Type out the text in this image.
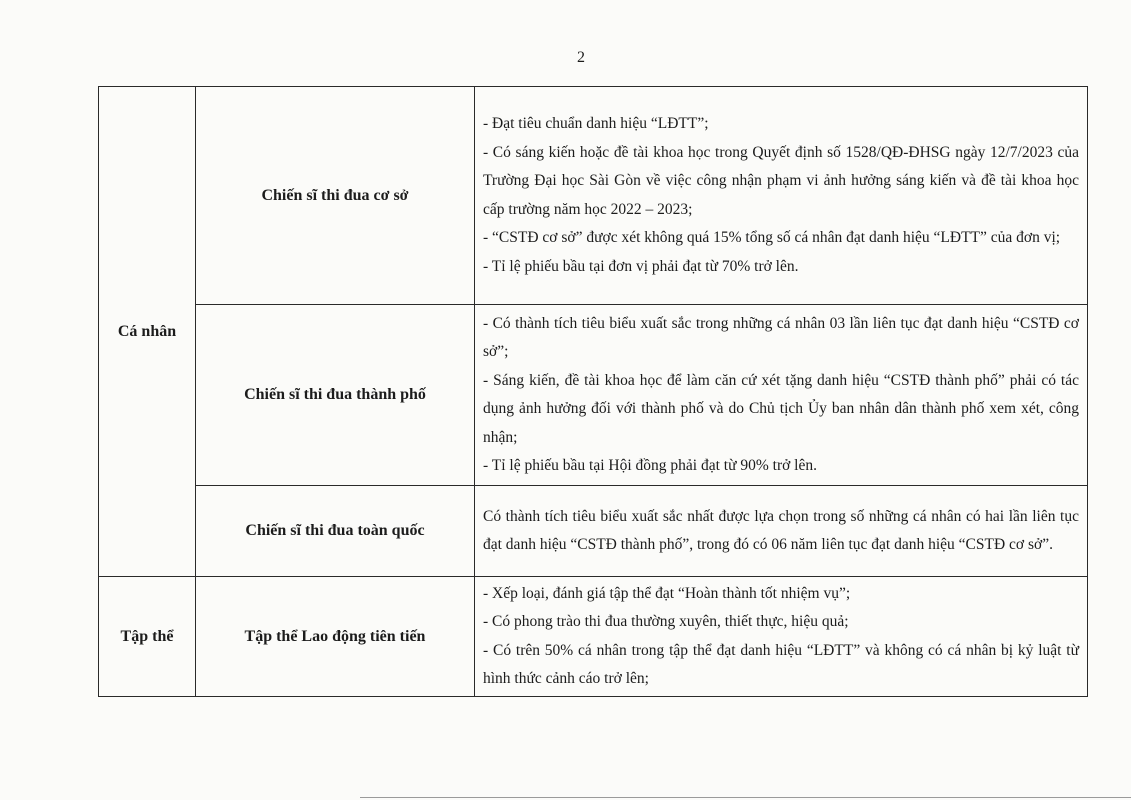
2
Cá nhân	Chiến sĩ thi đua cơ sở	- Đạt tiêu chuẩn danh hiệu “LĐTT”;
- Có sáng kiến hoặc đề tài khoa học trong Quyết định số 1528/QĐ-ĐHSG ngày 12/7/2023 của Trường Đại học Sài Gòn về việc công nhận phạm vi ảnh hưởng sáng kiến và đề tài khoa học cấp trường năm học 2022 – 2023;
- “CSTĐ cơ sở” được xét không quá 15% tổng số cá nhân đạt danh hiệu “LĐTT” của đơn vị;
- Tỉ lệ phiếu bầu tại đơn vị phải đạt từ 70% trở lên.

	Chiến sĩ thi đua thành phố	- Có thành tích tiêu biểu xuất sắc trong những cá nhân 03 lần liên tục đạt danh hiệu “CSTĐ cơ sở”;
- Sáng kiến, đề tài khoa học để làm căn cứ xét tặng danh hiệu “CSTĐ thành phố” phải có tác dụng ảnh hưởng đối với thành phố và do Chủ tịch Ủy ban nhân dân thành phố xem xét, công nhận;
- Tỉ lệ phiếu bầu tại Hội đồng phải đạt từ 90% trở lên.

	Chiến sĩ thi đua toàn quốc	Có thành tích tiêu biểu xuất sắc nhất được lựa chọn trong số những cá nhân có hai lần liên tục đạt danh hiệu “CSTĐ thành phố”, trong đó có 06 năm liên tục đạt danh hiệu “CSTĐ cơ sở”.

Tập thể	Tập thể Lao động tiên tiến	- Xếp loại, đánh giá tập thể đạt “Hoàn thành tốt nhiệm vụ”;
- Có phong trào thi đua thường xuyên, thiết thực, hiệu quả;
- Có trên 50% cá nhân trong tập thể đạt danh hiệu “LĐTT” và không có cá nhân bị kỷ luật từ hình thức cảnh cáo trở lên;
